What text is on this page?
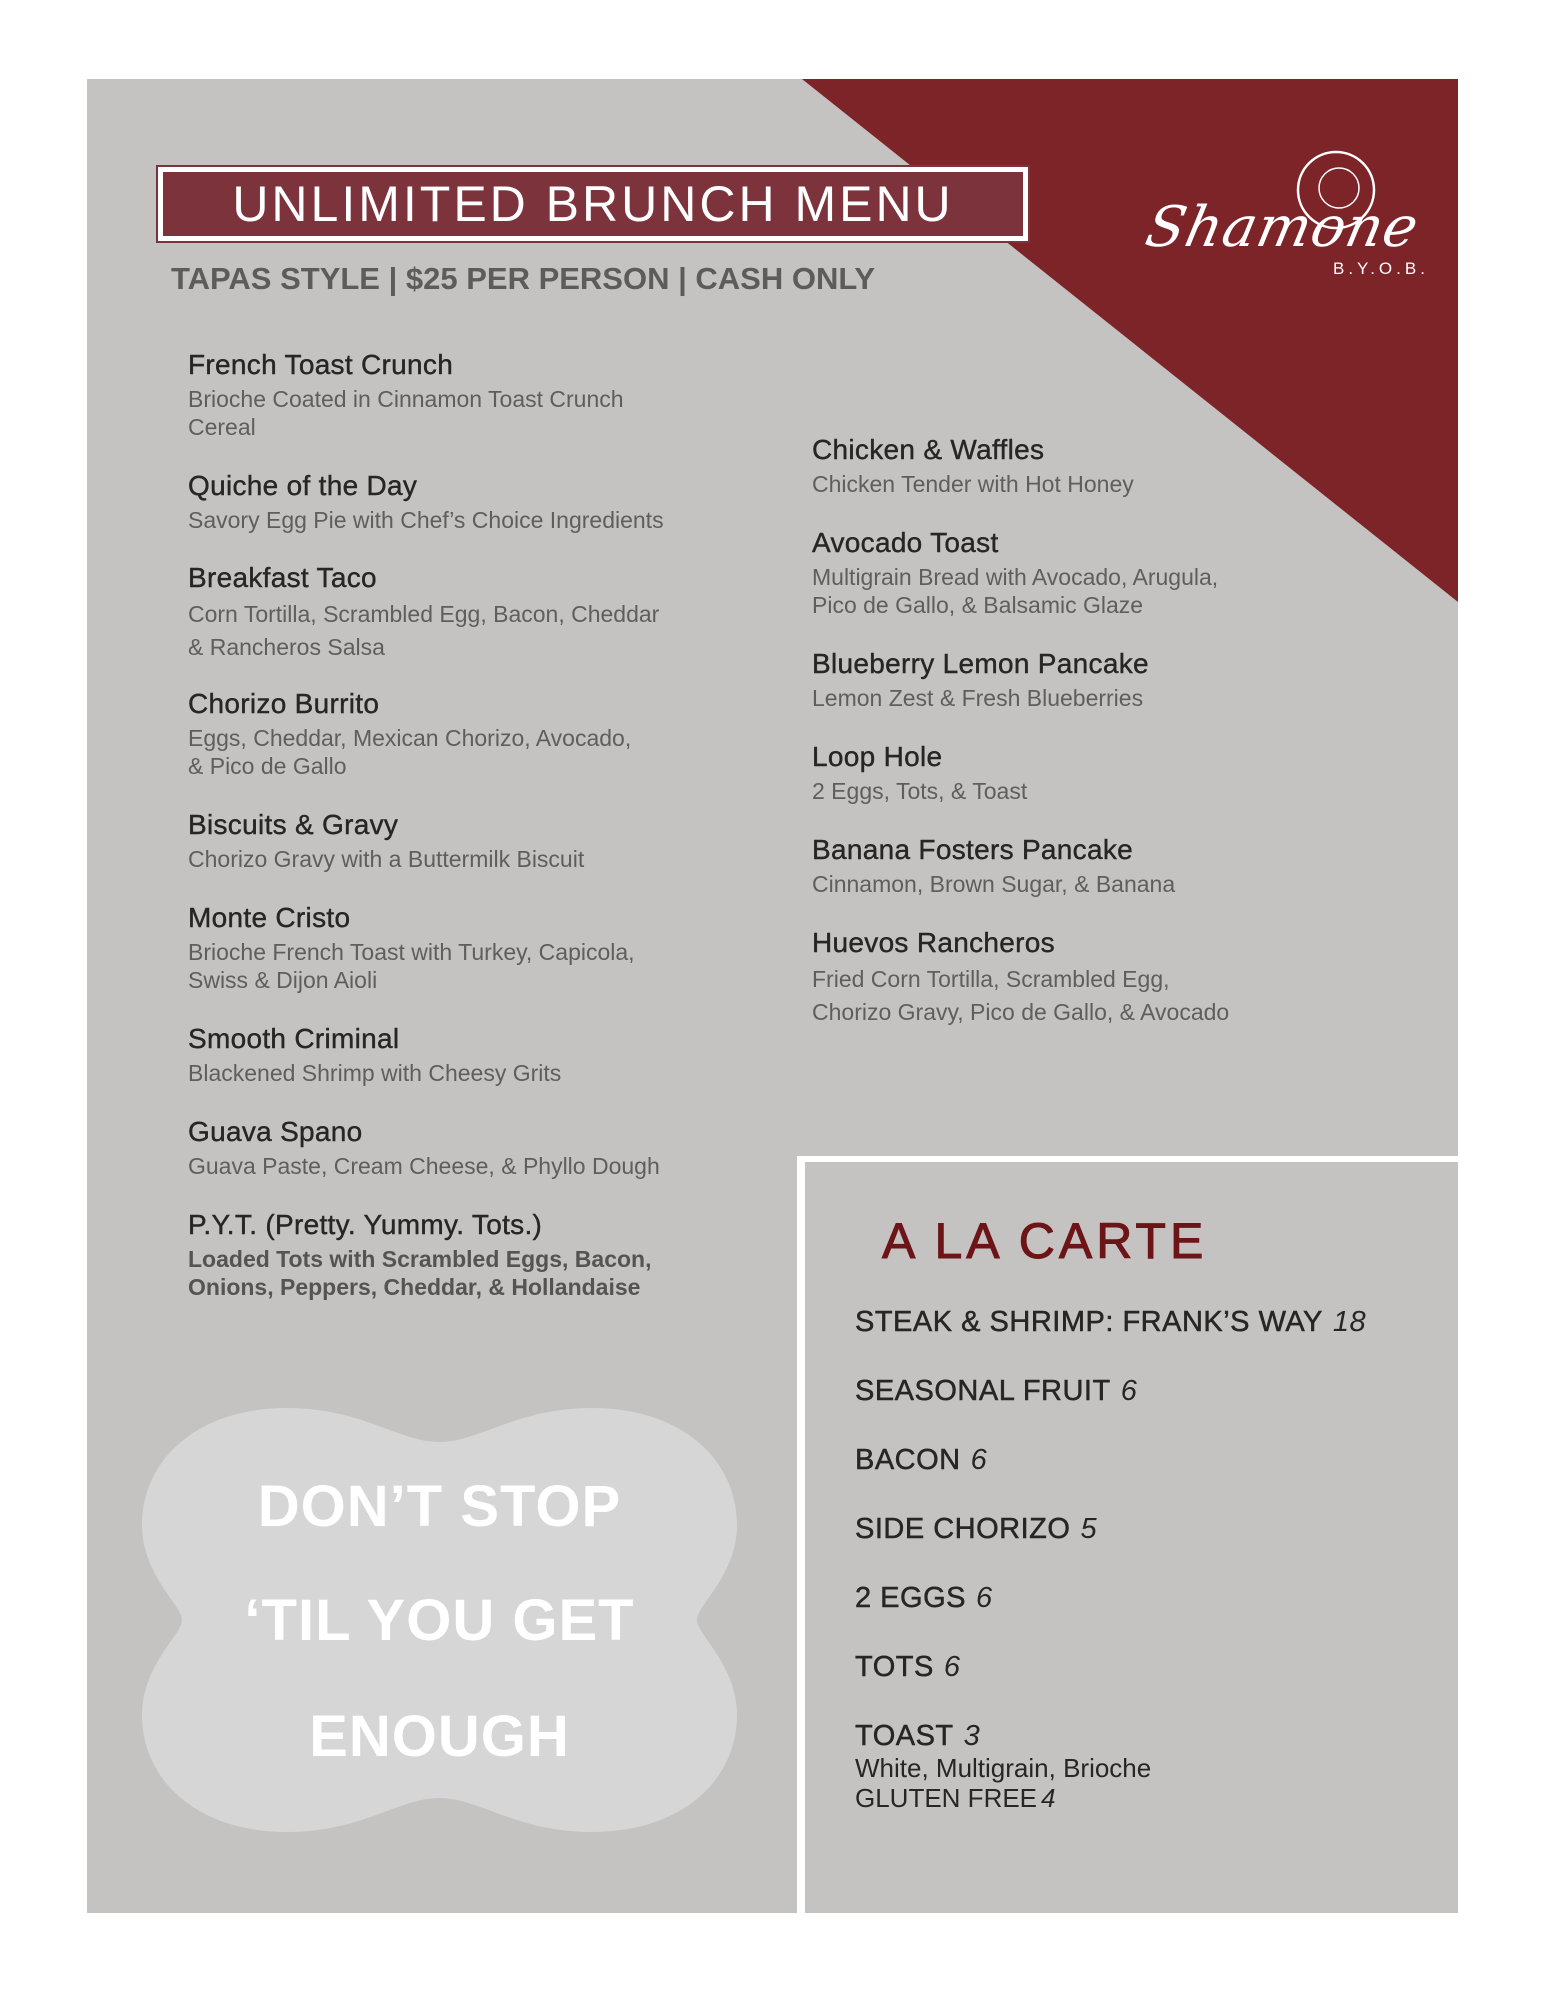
UNLIMITED BRUNCH MENU
TAPAS STYLE | $25 PER PERSON | CASH ONLY
Shamone
B.Y.O.B.

French Toast Crunch

Brioche Coated in Cinnamon Toast Crunch
Cereal

Quiche of the Day

Savory Egg Pie with Chef’s Choice Ingredients

Breakfast Taco

Corn Tortilla, Scrambled Egg, Bacon, Cheddar
& Rancheros Salsa

Chorizo Burrito

Eggs, Cheddar, Mexican Chorizo, Avocado,
& Pico de Gallo

Biscuits & Gravy

Chorizo Gravy with a Buttermilk Biscuit

Monte Cristo

Brioche French Toast with Turkey, Capicola,
Swiss & Dijon Aioli

Smooth Criminal

Blackened Shrimp with Cheesy Grits

Guava Spano

Guava Paste, Cream Cheese, & Phyllo Dough

P.Y.T. (Pretty. Yummy. Tots.)

Loaded Tots with Scrambled Eggs, Bacon,
Onions, Peppers, Cheddar, & Hollandaise

Chicken & Waffles

Chicken Tender with Hot Honey

Avocado Toast

Multigrain Bread with Avocado, Arugula,
Pico de Gallo, & Balsamic Glaze

Blueberry Lemon Pancake

Lemon Zest & Fresh Blueberries

Loop Hole

2 Eggs, Tots, & Toast

Banana Fosters Pancake

Cinnamon, Brown Sugar, & Banana

Huevos Rancheros

Fried Corn Tortilla, Scrambled Egg,
Chorizo Gravy, Pico de Gallo, & Avocado

DON’T STOP
‘TIL YOU GET
ENOUGH
A LA CARTE
STEAK & SHRIMP: FRANK’S WAY 18
SEASONAL FRUIT 6
BACON 6
SIDE CHORIZO 5
2 EGGS 6
TOTS 6
TOAST 3
White, Multigrain, Brioche
GLUTEN FREE 4
